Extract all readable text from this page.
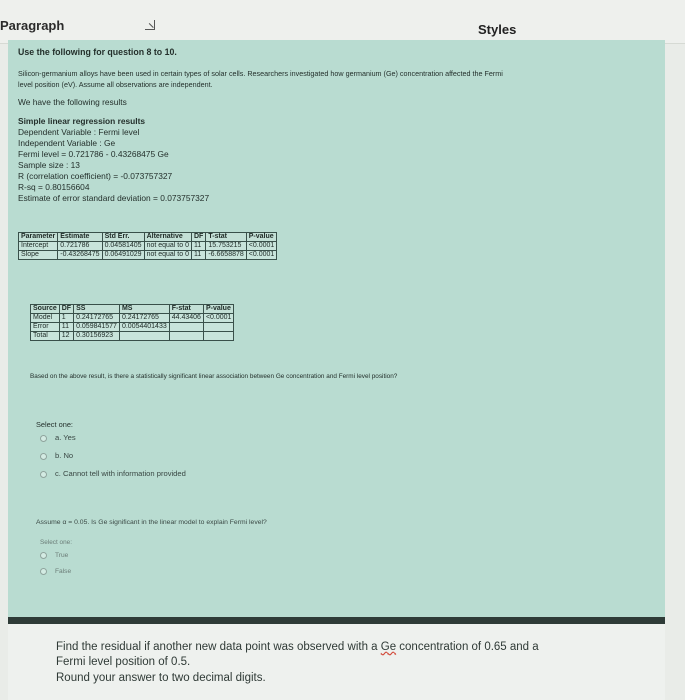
Paragraph	Styles
Use the following for question 8 to 10.
Silicon-germanium alloys have been used in certain types of solar cells. Researchers investigated how germanium (Ge) concentration affected the Fermi
level position (eV). Assume all observations are independent.
We have the following results
Simple linear regression results
Dependent Variable : Fermi level
Independent Variable : Ge
Fermi level = 0.721786 - 0.43268475 Ge
Sample size : 13
R (correlation coefficient) = -0.073757327
R-sq = 0.80156604
Estimate of error standard deviation = 0.073757327
Parameter	Estimate	Std Err.	Alternative	DF	T-stat	P-value
Intercept	0.721786	0.04581405	not equal to 0	11	15.753215	<0.0001
Slope	-0.43268475	0.06491029	not equal to 0	11	-6.6658878	<0.0001
Source	DF	SS	MS	F-stat	P-value
Model	1	0.24172765	0.24172765	44.43406	<0.0001
Error	11	0.059841577	0.0054401433		
Total	12	0.30156923			
Based on the above result, is there a statistically significant linear association between Ge concentration and Fermi level position?
Select one:
a. Yes
b. No
c. Cannot tell with information provided
Assume α = 0.05. Is Ge significant in the linear model to explain Fermi level?
Select one:
True
False
Find the residual if another new data point was observed with a Ge concentration of 0.65 and a
Fermi level position of 0.5.
Round your answer to two decimal digits.
